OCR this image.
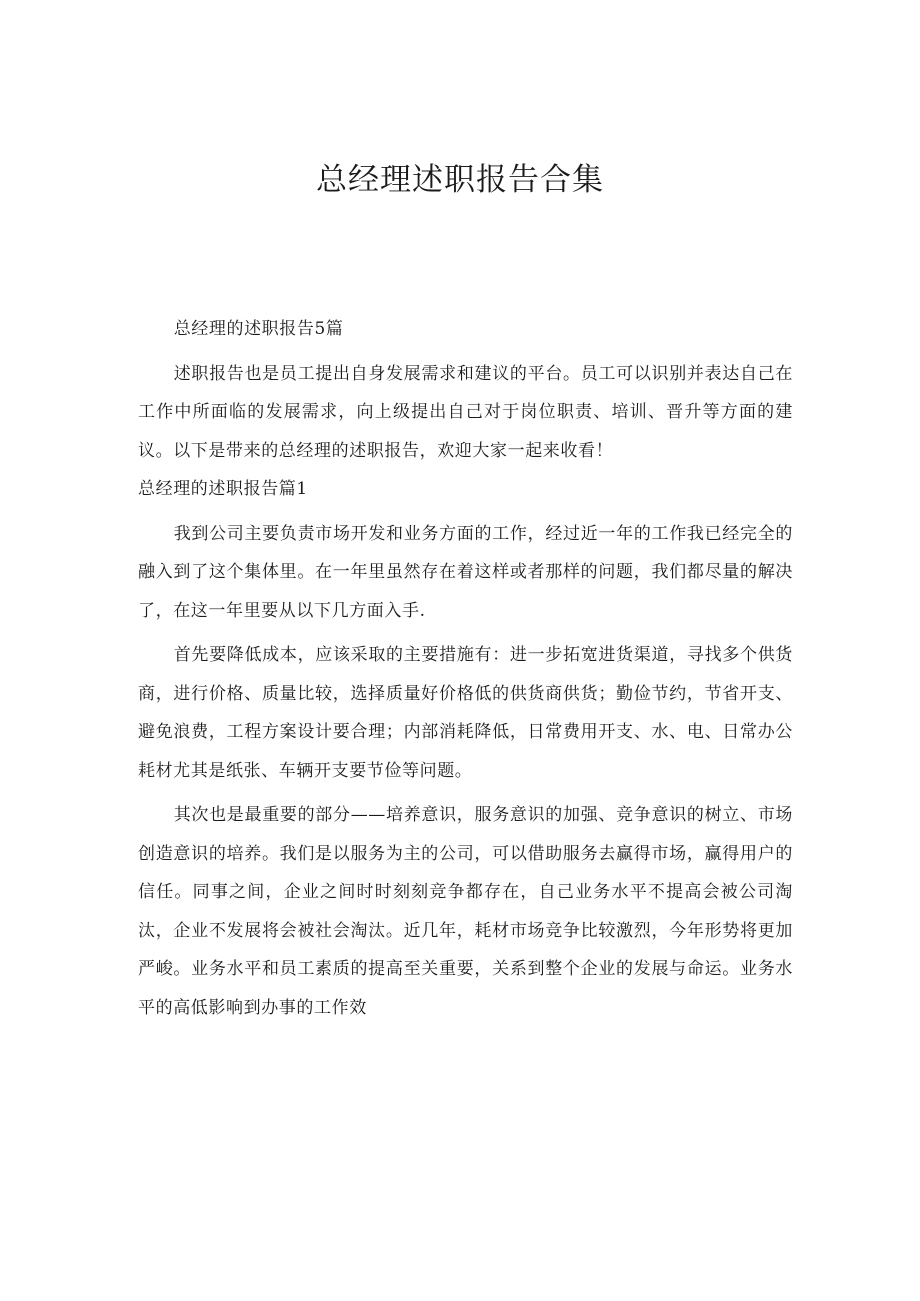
总经理述职报告合集

总经理的述职报告5篇

述职报告也是员工提出自身发展需求和建议的平台。员工可以识别并表达自己在工作中所面临的发展需求，向上级提出自己对于岗位职责、培训、晋升等方面的建议。以下是带来的总经理的述职报告，欢迎大家一起来收看！

总经理的述职报告篇1

我到公司主要负责市场开发和业务方面的工作，经过近一年的工作我已经完全的融入到了这个集体里。在一年里虽然存在着这样或者那样的问题，我们都尽量的解决了，在这一年里要从以下几方面入手.

首先要降低成本，应该采取的主要措施有：进一步拓宽进货渠道，寻找多个供货商，进行价格、质量比较，选择质量好价格低的供货商供货；勤俭节约，节省开支、避免浪费，工程方案设计要合理；内部消耗降低，日常费用开支、水、电、日常办公耗材尤其是纸张、车辆开支要节俭等问题。

其次也是最重要的部分——培养意识，服务意识的加强、竞争意识的树立、市场创造意识的培养。我们是以服务为主的公司，可以借助服务去赢得市场，赢得用户的信任。同事之间，企业之间时时刻刻竞争都存在，自己业务水平不提高会被公司淘汰，企业不发展将会被社会淘汰。近几年，耗材市场竞争比较激烈，今年形势将更加严峻。业务水平和员工素质的提高至关重要，关系到整个企业的发展与命运。业务水平的高低影响到办事的工作效
